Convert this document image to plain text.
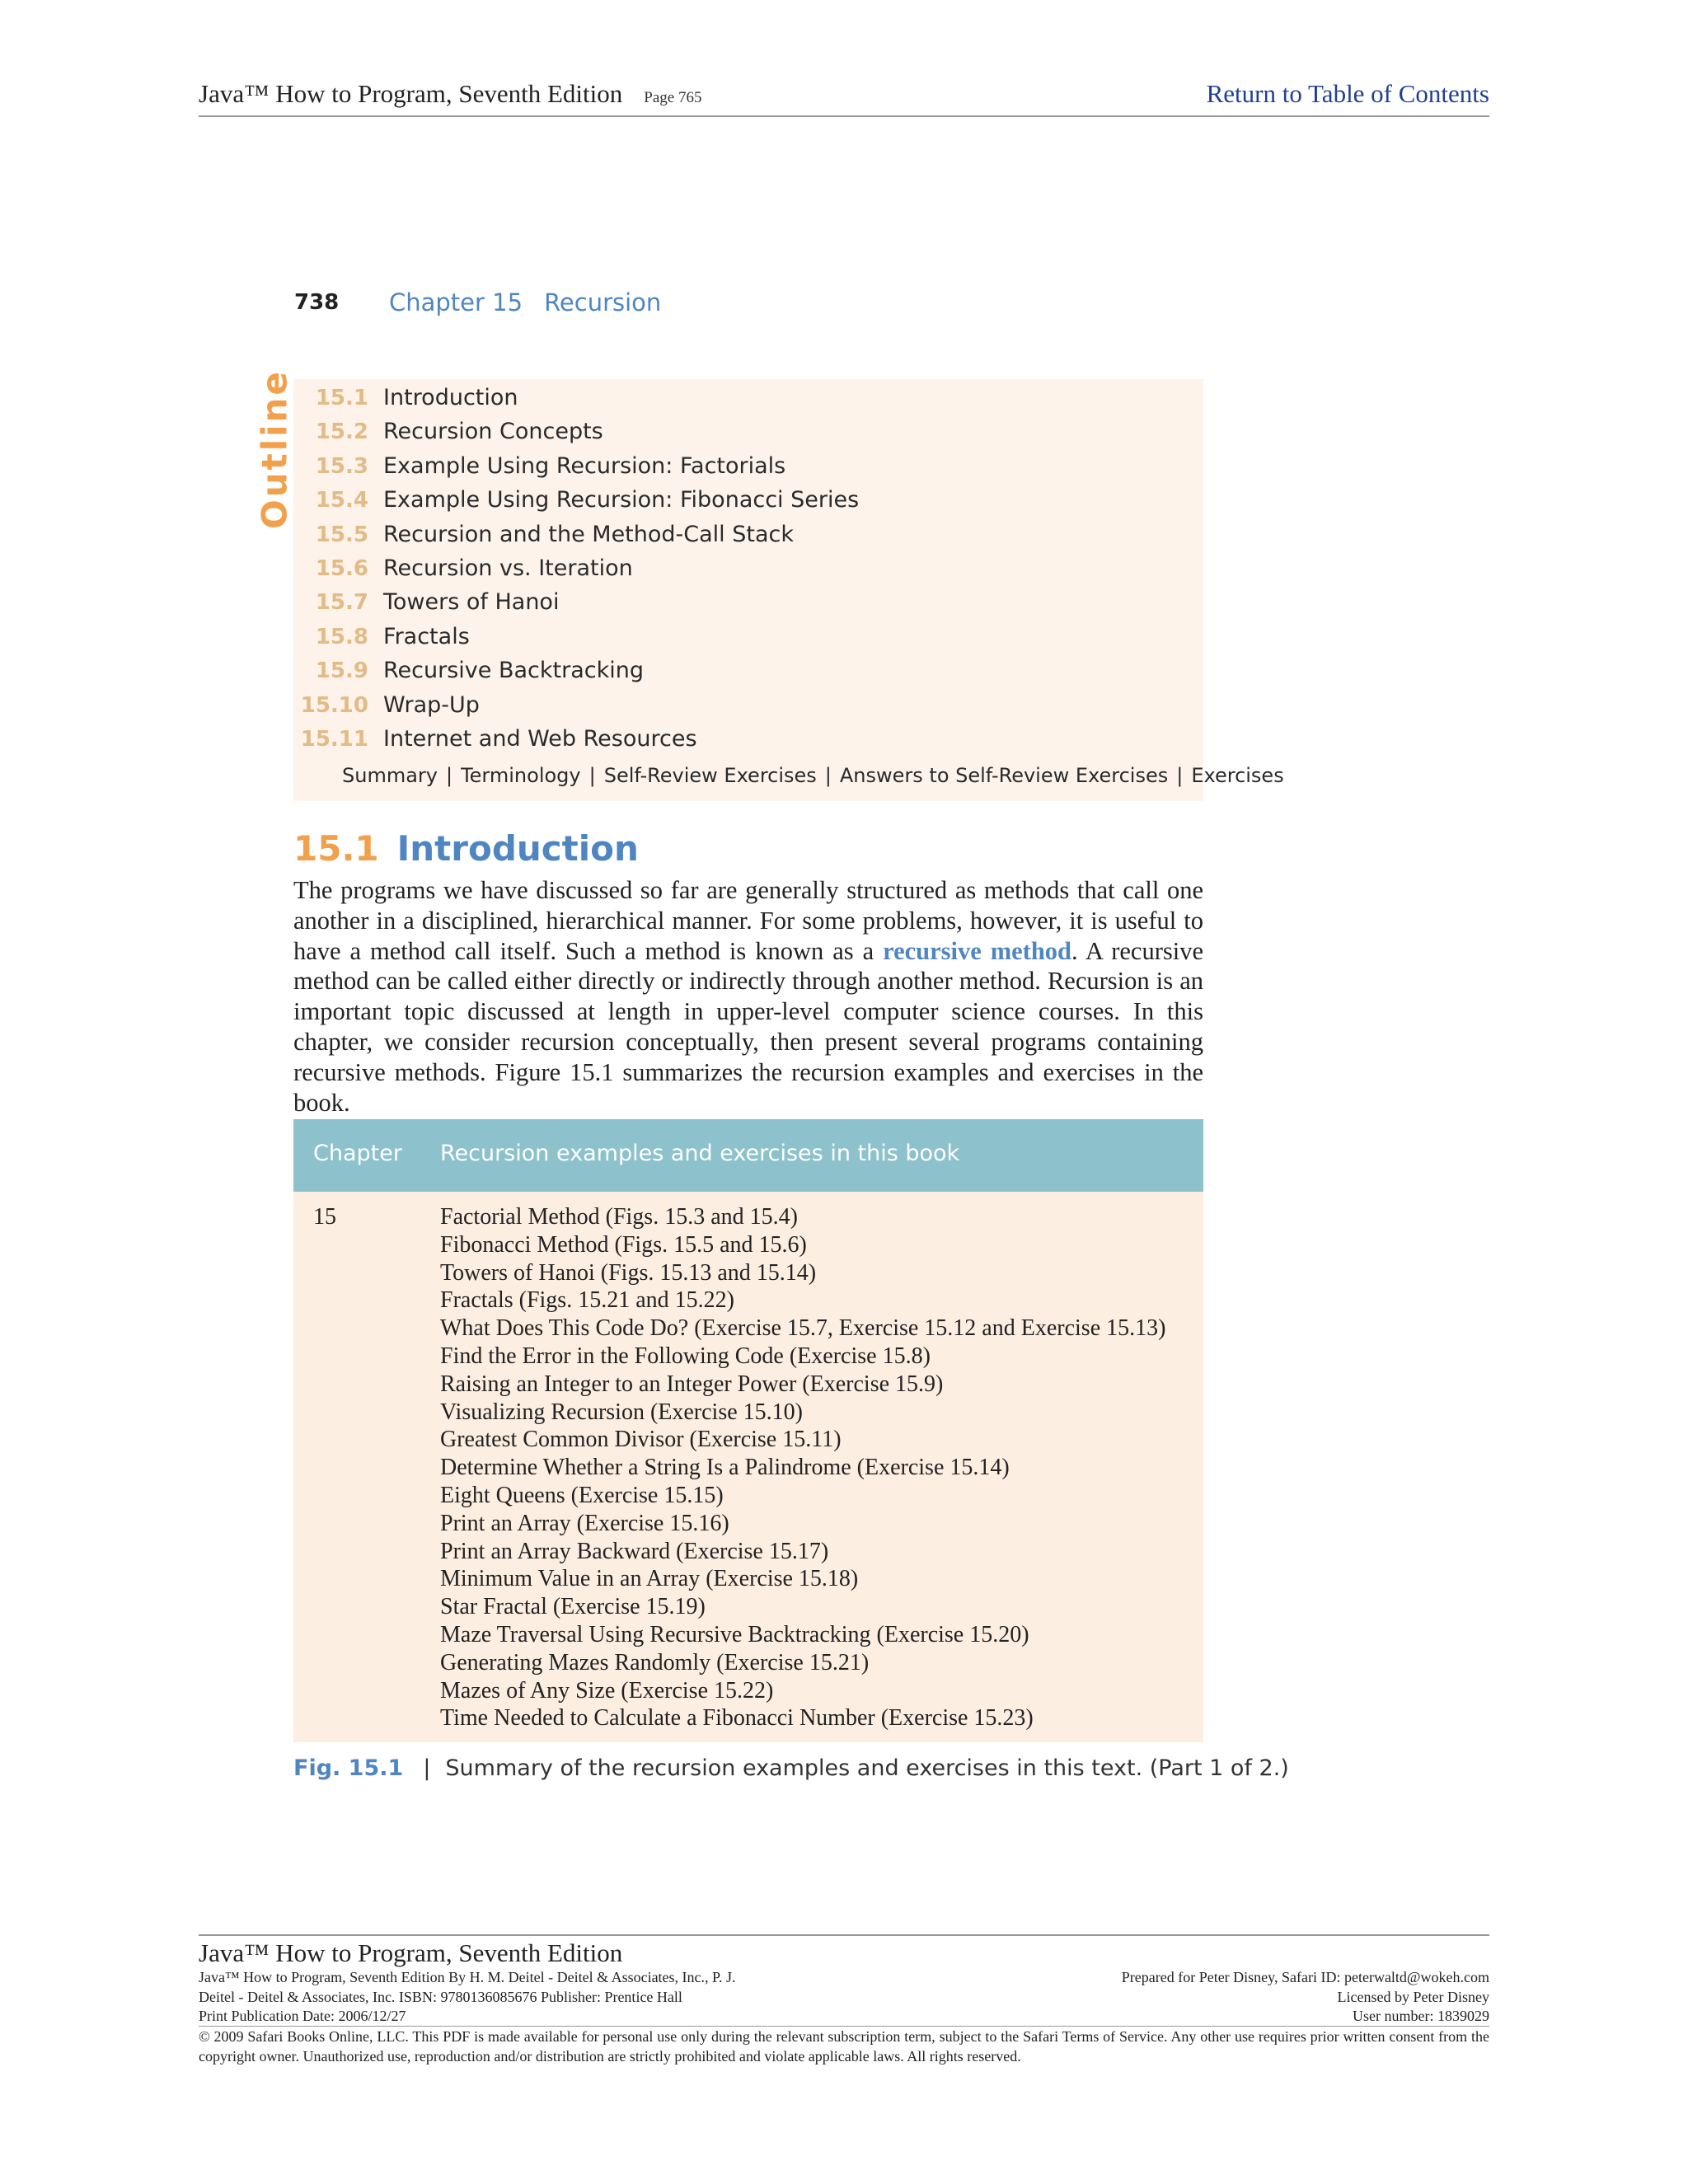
Java™ How to Program, Seventh Edition Page 765	Return to Table of Contents
738 Chapter 15 Recursion
Outline 15.1 Introduction
15.2 Recursion Concepts
15.3 Example Using Recursion: Factorials
15.4 Example Using Recursion: Fibonacci Series
15.5 Recursion and the Method-Call Stack
15.6 Recursion vs. Iteration
15.7 Towers of Hanoi
15.8 Fractals
15.9 Recursive Backtracking
15.10 Wrap-Up
15.11 Internet and Web Resources
Summary | Terminology | Self-Review Exercises | Answers to Self-Review Exercises | Exercises
15.1 Introduction
The programs we have discussed so far are generally structured as methods that call one another in a disciplined, hierarchical manner. For some problems, however, it is useful to have a method call itself. Such a method is known as a recursive method. A recursive method can be called either directly or indirectly through another method. Recursion is an important topic discussed at length in upper-level computer science courses. In this chapter, we consider recursion conceptually, then present several programs containing recursive methods. Figure 15.1 summarizes the recursion examples and exercises in the book.
Chapter Recursion examples and exercises in this book
15	Factorial Method (Figs. 15.3 and 15.4)
Fibonacci Method (Figs. 15.5 and 15.6)
Towers of Hanoi (Figs. 15.13 and 15.14)
Fractals (Figs. 15.21 and 15.22)
What Does This Code Do? (Exercise 15.7, Exercise 15.12 and Exercise 15.13)
Find the Error in the Following Code (Exercise 15.8)
Raising an Integer to an Integer Power (Exercise 15.9)
Visualizing Recursion (Exercise 15.10)
Greatest Common Divisor (Exercise 15.11)
Determine Whether a String Is a Palindrome (Exercise 15.14)
Eight Queens (Exercise 15.15)
Print an Array (Exercise 15.16)
Print an Array Backward (Exercise 15.17)
Minimum Value in an Array (Exercise 15.18)
Star Fractal (Exercise 15.19)
Maze Traversal Using Recursive Backtracking (Exercise 15.20)
Generating Mazes Randomly (Exercise 15.21)
Mazes of Any Size (Exercise 15.22)
Time Needed to Calculate a Fibonacci Number (Exercise 15.23)
Fig. 15.1 | Summary of the recursion examples and exercises in this text. (Part 1 of 2.)
Java™ How to Program, Seventh Edition
Java™ How to Program, Seventh Edition By H. M. Deitel - Deitel & Associates, Inc., P. J.
Deitel - Deitel & Associates, Inc. ISBN: 9780136085676 Publisher: Prentice Hall
Print Publication Date: 2006/12/27
Prepared for Peter Disney, Safari ID: peterwaltd@wokeh.com
Licensed by Peter Disney
User number: 1839029
© 2009 Safari Books Online, LLC. This PDF is made available for personal use only during the relevant subscription term, subject to the Safari Terms of Service. Any other use requires prior written consent from the copyright owner. Unauthorized use, reproduction and/or distribution are strictly prohibited and violate applicable laws. All rights reserved.
